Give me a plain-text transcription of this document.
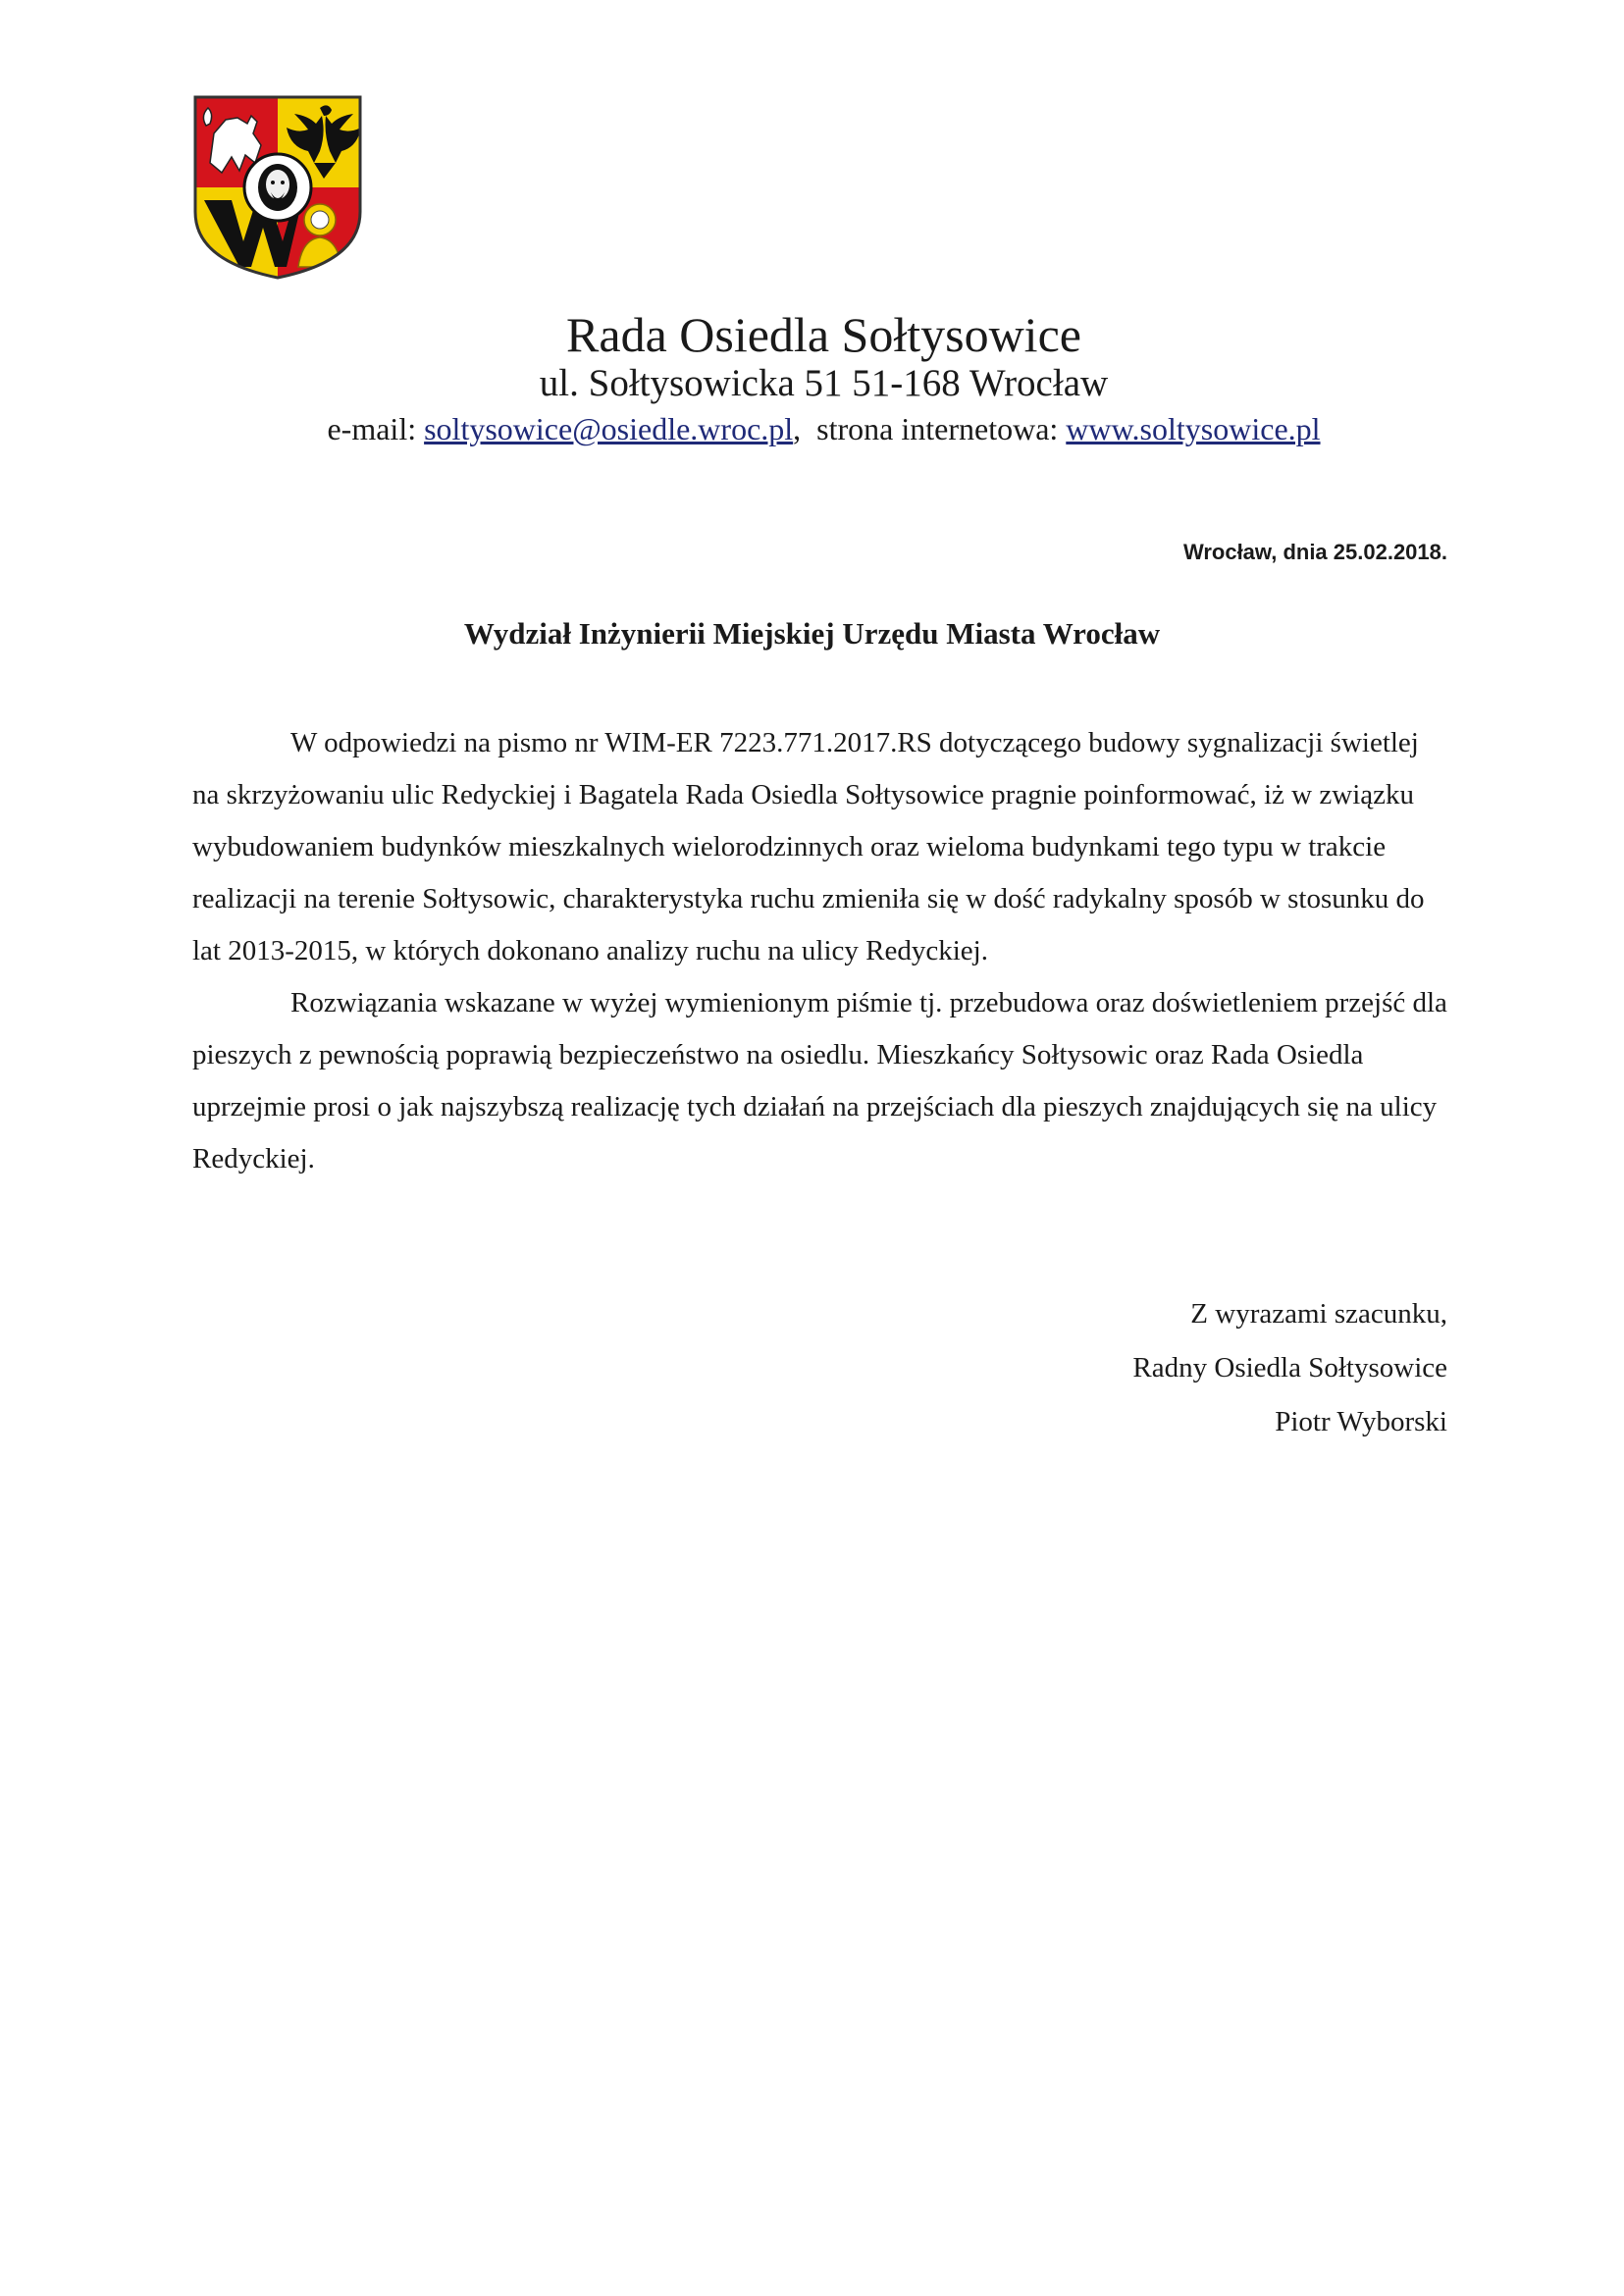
Rada Osiedla Sołtysowice
ul. Sołtysowicka 51 51-168 Wrocław
e-mail: soltysowice@osiedle.wroc.pl,  strona internetowa: www.soltysowice.pl
Wrocław, dnia 25.02.2018.
Wydział Inżynierii Miejskiej Urzędu Miasta Wrocław

W odpowiedzi na pismo nr WIM-ER 7223.771.2017.RS dotyczącego budowy sygnalizacji świetlej na skrzyżowaniu ulic Redyckiej i Bagatela Rada Osiedla Sołtysowice pragnie poinformować, iż w związku wybudowaniem budynków mieszkalnych wielorodzinnych oraz wieloma budynkami tego typu w trakcie realizacji na terenie Sołtysowic, charakterystyka ruchu zmieniła się w dość radykalny sposób w stosunku do lat 2013-2015, w których dokonano analizy ruchu na ulicy Redyckiej.

Rozwiązania wskazane w wyżej wymienionym piśmie tj. przebudowa oraz doświetleniem przejść dla pieszych z pewnością poprawią bezpieczeństwo na osiedlu. Mieszkańcy Sołtysowic oraz Rada Osiedla uprzejmie prosi o jak najszybszą realizację tych działań na przejściach dla pieszych znajdujących się na ulicy Redyckiej.

Z wyrazami szacunku,
Radny Osiedla Sołtysowice
Piotr Wyborski
